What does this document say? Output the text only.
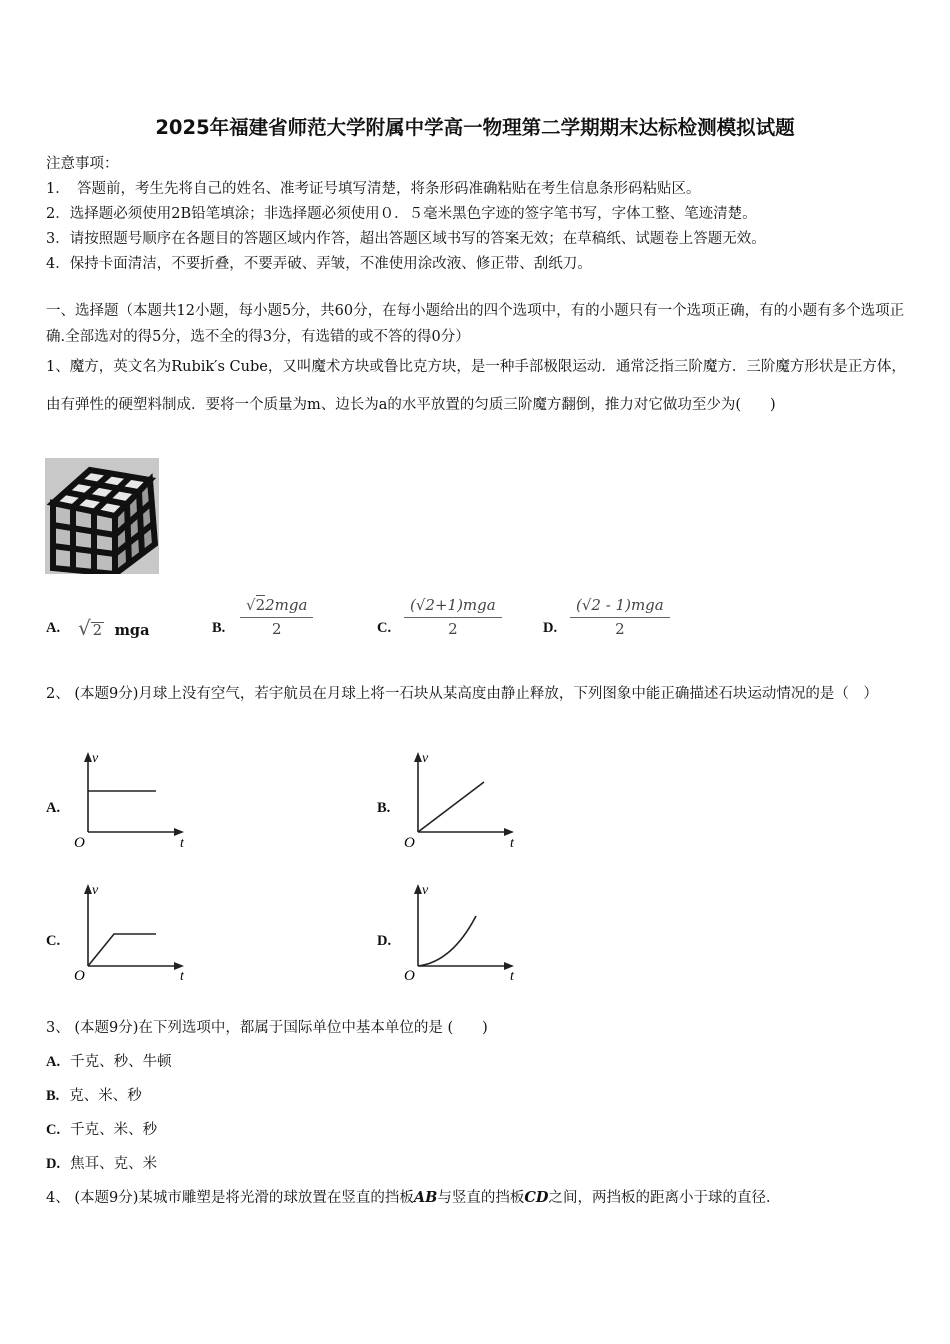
2025年福建省师范大学附属中学高一物理第二学期期末达标检测模拟试题
注意事项：
1．　答题前，考生先将自己的姓名、准考证号填写清楚，将条形码准确粘贴在考生信息条形码粘贴区。
2．选择题必须使用2B铅笔填涂；非选择题必须使用０．５毫米黑色字迹的签字笔书写，字体工整、笔迹清楚。
3．请按照题号顺序在各题目的答题区域内作答，超出答题区域书写的答案无效；在草稿纸、试题卷上答题无效。
4．保持卡面清洁，不要折叠，不要弄破、弄皱，不准使用涂改液、修正带、刮纸刀。
一、选择题（本题共12小题，每小题5分，共60分，在每小题给出的四个选项中，有的小题只有一个选项正确，有的小题有多个选项正确.全部选对的得5分，选不全的得3分，有选错的或不答的得0分）
1、魔方，英文名为Rubik′s Cube，又叫魔术方块或鲁比克方块，是一种手部极限运动．通常泛指三阶魔方．三阶魔方形状是正方体，由有弹性的硬塑料制成．要将一个质量为m、边长为a的水平放置的匀质三阶魔方翻倒，推力对它做功至少为(　　)
A. √ 2 mga	B.
√22mga
2	C.
(√2+1)mga
2	D.
(√2 - 1)mga
2
2、 (本题9分)月球上没有空气，若宇航员在月球上将一石块从某高度由静止释放，下列图象中能正确描述石块运动情况的是（　）
A.
v
t
O
B.
v
t
O
C.
v
t
O
D.
v
t
O
3、 (本题9分)在下列选项中，都属于国际单位中基本单位的是 (　　)
A. 千克、秒、牛顿
B. 克、米、秒
C. 千克、米、秒
D. 焦耳、克、米
4、 (本题9分)某城市雕塑是将光滑的球放置在竖直的挡板AB与竖直的挡板CD之间，两挡板的距离小于球的直径．
